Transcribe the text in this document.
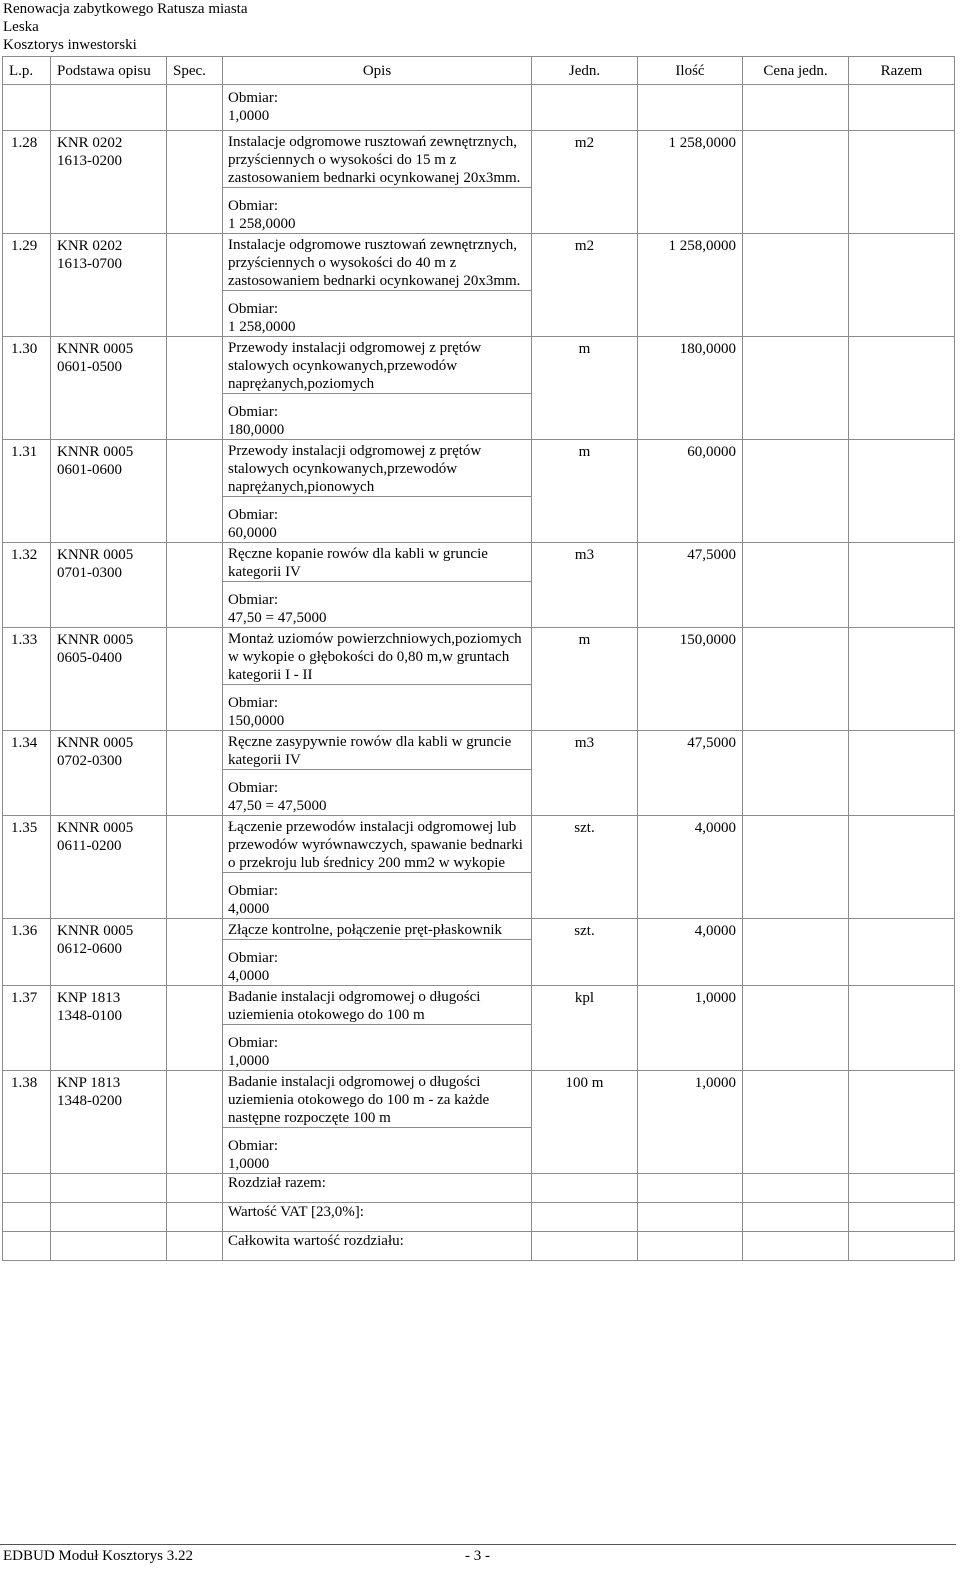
Renowacja zabytkowego Ratusza miasta
Leska
Kosztorys inwestorski
L.p.	Podstawa opisu	Spec.	Opis	Jedn.	Ilość	Cena jedn.	Razem

			Obmiar:
1,0000				

1.28	KNR 0202
1613-0200		Instalacje odgromowe rusztowań zewnętrznych, przyściennych o wysokości do 15 m z zastosowaniem bednarki ocynkowanej 20x3mm.	m2	1 258,0000		

			Obmiar:
1 258,0000				

1.29	KNR 0202
1613-0700		Instalacje odgromowe rusztowań zewnętrznych, przyściennych o wysokości do 40 m z zastosowaniem bednarki ocynkowanej 20x3mm.	m2	1 258,0000		

			Obmiar:
1 258,0000				

1.30	KNNR 0005
0601-0500		Przewody instalacji odgromowej z prętów stalowych ocynkowanych,przewodów naprężanych,poziomych	m	180,0000		

			Obmiar:
180,0000				

1.31	KNNR 0005
0601-0600		Przewody instalacji odgromowej z prętów stalowych ocynkowanych,przewodów naprężanych,pionowych	m	60,0000		

			Obmiar:
60,0000				

1.32	KNNR 0005
0701-0300		Ręczne kopanie rowów dla kabli w gruncie kategorii IV	m3	47,5000		

			Obmiar:
47,50 = 47,5000				

1.33	KNNR 0005
0605-0400		Montaż uziomów powierzchniowych,poziomych w wykopie o głębokości do 0,80 m,w gruntach kategorii I - II	m	150,0000		

			Obmiar:
150,0000				

1.34	KNNR 0005
0702-0300		Ręczne zasypywnie rowów dla kabli w gruncie kategorii IV	m3	47,5000		

			Obmiar:
47,50 = 47,5000				

1.35	KNNR 0005
0611-0200		Łączenie przewodów instalacji odgromowej lub przewodów wyrównawczych, spawanie bednarki o przekroju lub średnicy 200 mm2 w wykopie	szt.	4,0000		

			Obmiar:
4,0000				

1.36	KNNR 0005
0612-0600		Złącze kontrolne, połączenie pręt-płaskownik	szt.	4,0000		

			Obmiar:
4,0000				

1.37	KNP 1813
1348-0100		Badanie instalacji odgromowej o długości uziemienia otokowego do 100 m	kpl	1,0000		

			Obmiar:
1,0000				

1.38	KNP 1813
1348-0200		Badanie instalacji odgromowej o długości uziemienia otokowego do 100 m - za każde następne rozpoczęte 100 m	100 m	1,0000		

			Obmiar:
1,0000				

			Rozdział razem:				
			Wartość VAT [23,0%]:				
			Całkowita wartość rozdziału:				
EDBUD Moduł Kosztorys 3.22	- 3 -
